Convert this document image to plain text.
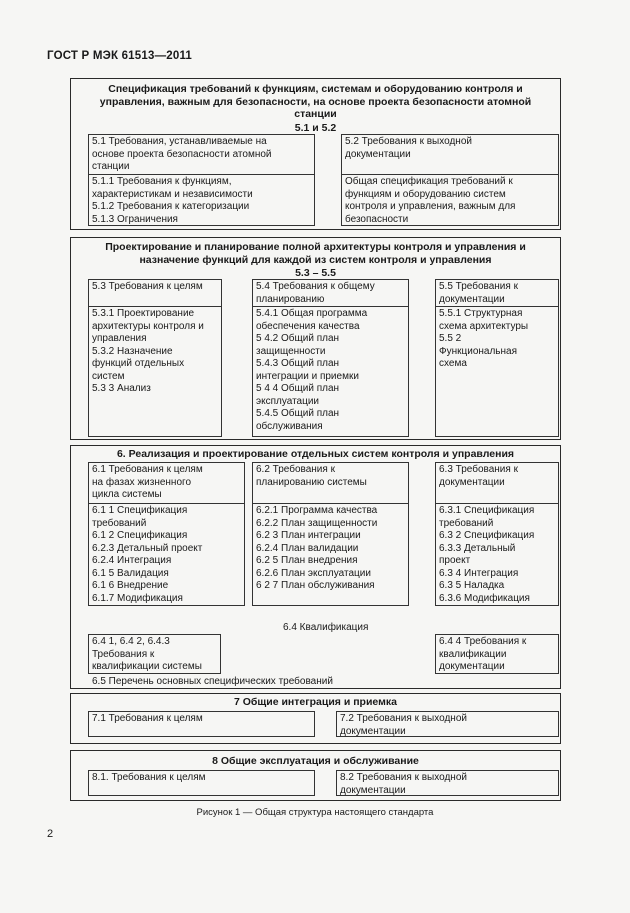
ГОСТ Р МЭК 61513—2011
Спецификация требований к функциям, системам и оборудованию контроля и
управления, важным для безопасности, на основе проекта безопасности атомной
станции
5.1 и 5.2
5.1 Требования, устанавливаемые на
основе проекта безопасности атомной
станции
5.1.1 Требования к функциям,
характеристикам и независимости
5.1.2 Требования к категоризации
5.1.3 Ограничения
5.2 Требования к выходной
документации
Общая спецификация требований к
функциям и оборудованию систем
контроля и управления, важным для
безопасности
Проектирование и планирование полной архитектуры контроля и управления и
назначение функций для каждой из систем контроля и управления
5.3 – 5.5
5.3 Требования к целям
5.3.1 Проектирование
архитектуры контроля и
управления
5.3.2 Назначение
функций отдельных
систем
5.3 3 Анализ
5.4 Требования к общему
планированию
5.4.1 Общая программа
обеспечения качества
5 4.2 Общий план
защищенности
5.4.3 Общий план
интеграции и приемки
5 4 4 Общий план
эксплуатации
5.4.5 Общий план
обслуживания
5.5 Требования к
документации
5.5.1 Структурная
схема архитектуры
5.5 2
Функциональная
схема
6. Реализация и проектирование отдельных систем контроля и управления
6.1 Требования к целям
на фазах жизненного
цикла системы
6.1 1 Спецификация
требований
6.1 2 Спецификация
6.2.3 Детальный проект
6.2.4 Интеграция
6.1 5 Валидация
6.1 6 Внедрение
6.1.7 Модификация
6.2 Требования к
планированию системы
6.2.1 Программа качества
6.2.2 План защищенности
6.2 3 План интеграции
6.2.4 План валидации
6.2 5 План внедрения
6.2.6 План эксплуатации
6 2 7 План обслуживания
6.3 Требования к
документации
6.3.1 Спецификация
требований
6.3 2 Спецификация
6.3.3 Детальный
проект
6.3 4 Интеграция
6.3 5 Наладка
6.3.6 Модификация
6.4 Квалификация
6.4 1, 6.4 2, 6.4.3
Требования к
квалификации системы
6.4 4 Требования к
квалификации
документации
6.5 Перечень основных специфических требований
7 Общие интеграция и приемка
7.1 Требования к целям	7.2 Требования к выходной
документации
8 Общие эксплуатация и обслуживание
8.1. Требования к целям	8.2 Требования к выходной
документации
Рисунок 1 — Общая структура настоящего стандарта
2
